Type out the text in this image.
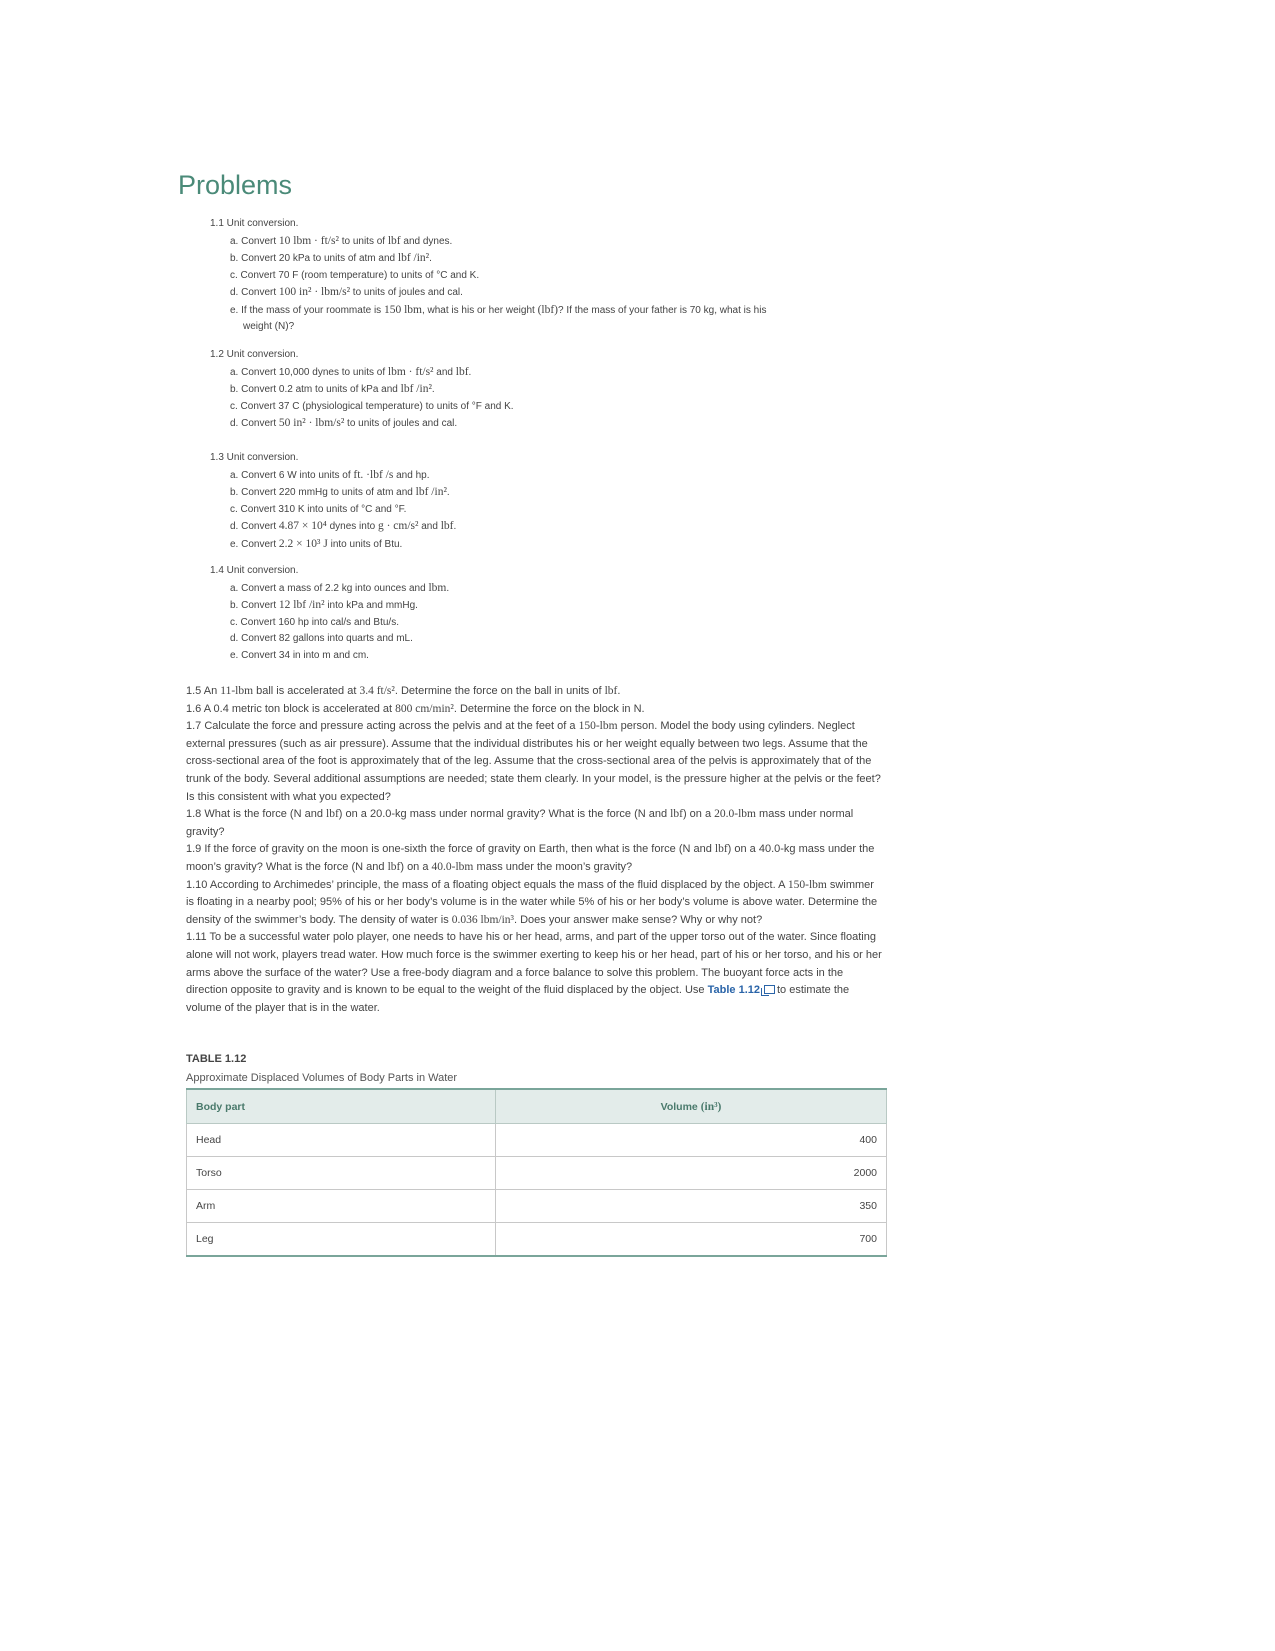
Problems

1.1 Unit conversion.

a. Convert 10 lbm · ft/s² to units of lbf and dynes.

b. Convert 20 kPa to units of atm and lbf /in².

c. Convert 70 F (room temperature) to units of °C and K.

d. Convert 100 in² · lbm/s² to units of joules and cal.

e. If the mass of your roommate is 150 lbm, what is his or her weight (lbf)? If the mass of your father is 70 kg, what is his

weight (N)?

1.2 Unit conversion.

a. Convert 10,000 dynes to units of lbm · ft/s² and lbf.

b. Convert 0.2 atm to units of kPa and lbf /in².

c. Convert 37 C (physiological temperature) to units of °F and K.

d. Convert 50 in² · lbm/s² to units of joules and cal.

1.3 Unit conversion.

a. Convert 6 W into units of ft. ·lbf /s and hp.

b. Convert 220 mmHg to units of atm and lbf /in².

c. Convert 310 K into units of °C and °F.

d. Convert 4.87 × 10⁴ dynes into g · cm/s² and lbf.

e. Convert 2.2 × 10³ J into units of Btu.

1.4 Unit conversion.

a. Convert a mass of 2.2 kg into ounces and lbm.

b. Convert 12 lbf /in² into kPa and mmHg.

c. Convert 160 hp into cal/s and Btu/s.

d. Convert 82 gallons into quarts and mL.

e. Convert 34 in into m and cm.

1.5 An 11-lbm ball is accelerated at 3.4 ft/s². Determine the force on the ball in units of lbf.

1.6 A 0.4 metric ton block is accelerated at 800 cm/min². Determine the force on the block in N.

1.7 Calculate the force and pressure acting across the pelvis and at the feet of a 150-lbm person. Model the body using cylinders. Neglect external pressures (such as air pressure). Assume that the individual distributes his or her weight equally between two legs. Assume that the cross-sectional area of the foot is approximately that of the leg. Assume that the cross-sectional area of the pelvis is approximately that of the trunk of the body. Several additional assumptions are needed; state them clearly. In your model, is the pressure higher at the pelvis or the feet? Is this consistent with what you expected?

1.8 What is the force (N and lbf) on a 20.0-kg mass under normal gravity? What is the force (N and lbf) on a 20.0-lbm mass under normal gravity?

1.9 If the force of gravity on the moon is one-sixth the force of gravity on Earth, then what is the force (N and lbf) on a 40.0-kg mass under the moon’s gravity? What is the force (N and lbf) on a 40.0-lbm mass under the moon’s gravity?

1.10 According to Archimedes’ principle, the mass of a floating object equals the mass of the fluid displaced by the object. A 150-lbm swimmer is floating in a nearby pool; 95% of his or her body’s volume is in the water while 5% of his or her body’s volume is above water. Determine the density of the swimmer’s body. The density of water is 0.036 lbm/in³. Does your answer make sense? Why or why not?

1.11 To be a successful water polo player, one needs to have his or her head, arms, and part of the upper torso out of the water. Since floating alone will not work, players tread water. How much force is the swimmer exerting to keep his or her head, part of his or her torso, and his or her arms above the surface of the water? Use a free-body diagram and a force balance to solve this problem. The buoyant force acts in the direction opposite to gravity and is known to be equal to the weight of the fluid displaced by the object. Use Table 1.12 to estimate the volume of the player that is in the water.

TABLE 1.12
Approximate Displaced Volumes of Body Parts in Water
Body part	Volume (in³)
Head	400
Torso	2000
Arm	350
Leg	700
